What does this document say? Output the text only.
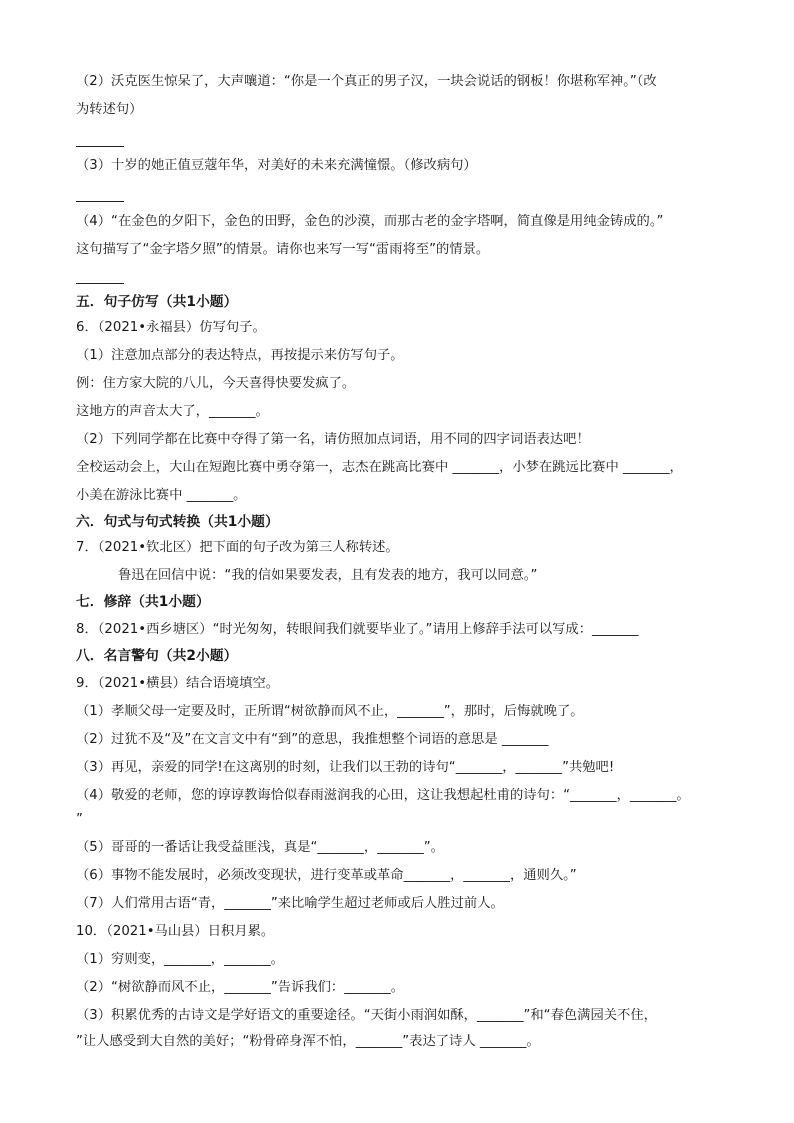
（2）沃克医生惊呆了，大声嚷道：“你是一个真正的男子汉，一块会说话的钢板！你堪称军神。”（改
为转述句）
（3）十岁的她正值豆蔻年华，对美好的未来充满憧憬。（修改病句）
（4）“在金色的夕阳下，金色的田野，金色的沙漠，而那古老的金字塔啊，简直像是用纯金铸成的。”
这句描写了“金字塔夕照”的情景。请你也来写一写“雷雨将至”的情景。
五．句子仿写（共1小题）
6．（2021•永福县）仿写句子。
（1）注意加点部分的表达特点，再按提示来仿写句子。
例：住方家大院的八儿，今天喜得快要发疯了。
这地方的声音太大了，_______。
（2）下列同学都在比赛中夺得了第一名，请仿照加点词语，用不同的四字词语表达吧！
全校运动会上，大山在短跑比赛中勇夺第一，志杰在跳高比赛中 _______，小梦在跳远比赛中 _______，
小美在游泳比赛中 _______。
六．句式与句式转换（共1小题）
7．（2021•钦北区）把下面的句子改为第三人称转述。
鲁迅在回信中说：“我的信如果要发表，且有发表的地方，我可以同意。”
七．修辞（共1小题）
8．（2021•西乡塘区）“时光匆匆，转眼间我们就要毕业了。”请用上修辞手法可以写成：_______
八．名言警句（共2小题）
9．（2021•横县）结合语境填空。
（1）孝顺父母一定要及时，正所谓“树欲静而风不止，_______”，那时，后悔就晚了。
（2）过犹不及“及”在文言文中有“到”的意思，我推想整个词语的意思是 _______
（3）再见，亲爱的同学!在这离别的时刻，让我们以王勃的诗句“_______，_______”共勉吧!
（4）敬爱的老师，您的谆谆教诲恰似春雨滋润我的心田，这让我想起杜甫的诗句：“_______，_______。
”
（5）哥哥的一番话让我受益匪浅，真是“_______，_______”。
（6）事物不能发展时，必须改变现状，进行变革或革命_______，_______，通则久。”
（7）人们常用古语“青，_______”来比喻学生超过老师或后人胜过前人。
10．（2021•马山县）日积月累。
（1）穷则变，_______，_______。
（2）“树欲静而风不止，_______”告诉我们：_______。
（3）积累优秀的古诗文是学好语文的重要途径。“天街小雨润如酥，_______”和“春色满园关不住，
”让人感受到大自然的美好；“粉骨碎身浑不怕，_______”表达了诗人 _______。
